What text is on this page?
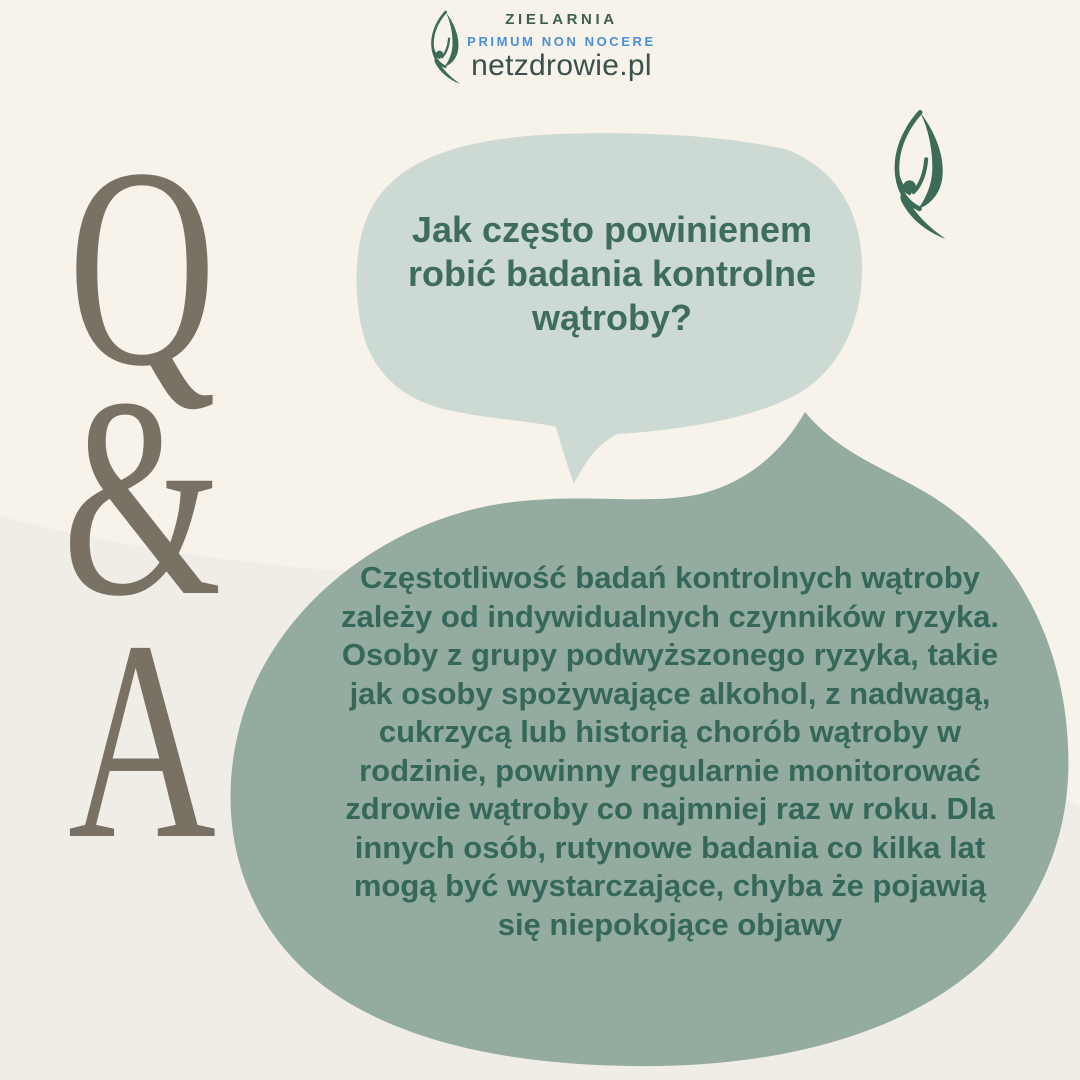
ZIELARNIA
PRIMUM NON NOCERE
netzdrowie.pl
Q
&
A
Jak często powinienem
robić badania kontrolne
wątroby?
Częstotliwość badań kontrolnych wątroby
zależy od indywidualnych czynników ryzyka.
Osoby z grupy podwyższonego ryzyka, takie
jak osoby spożywające alkohol, z nadwagą,
cukrzycą lub historią chorób wątroby w
rodzinie, powinny regularnie monitorować
zdrowie wątroby co najmniej raz w roku. Dla
innych osób, rutynowe badania co kilka lat
mogą być wystarczające, chyba że pojawią
się niepokojące objawy
